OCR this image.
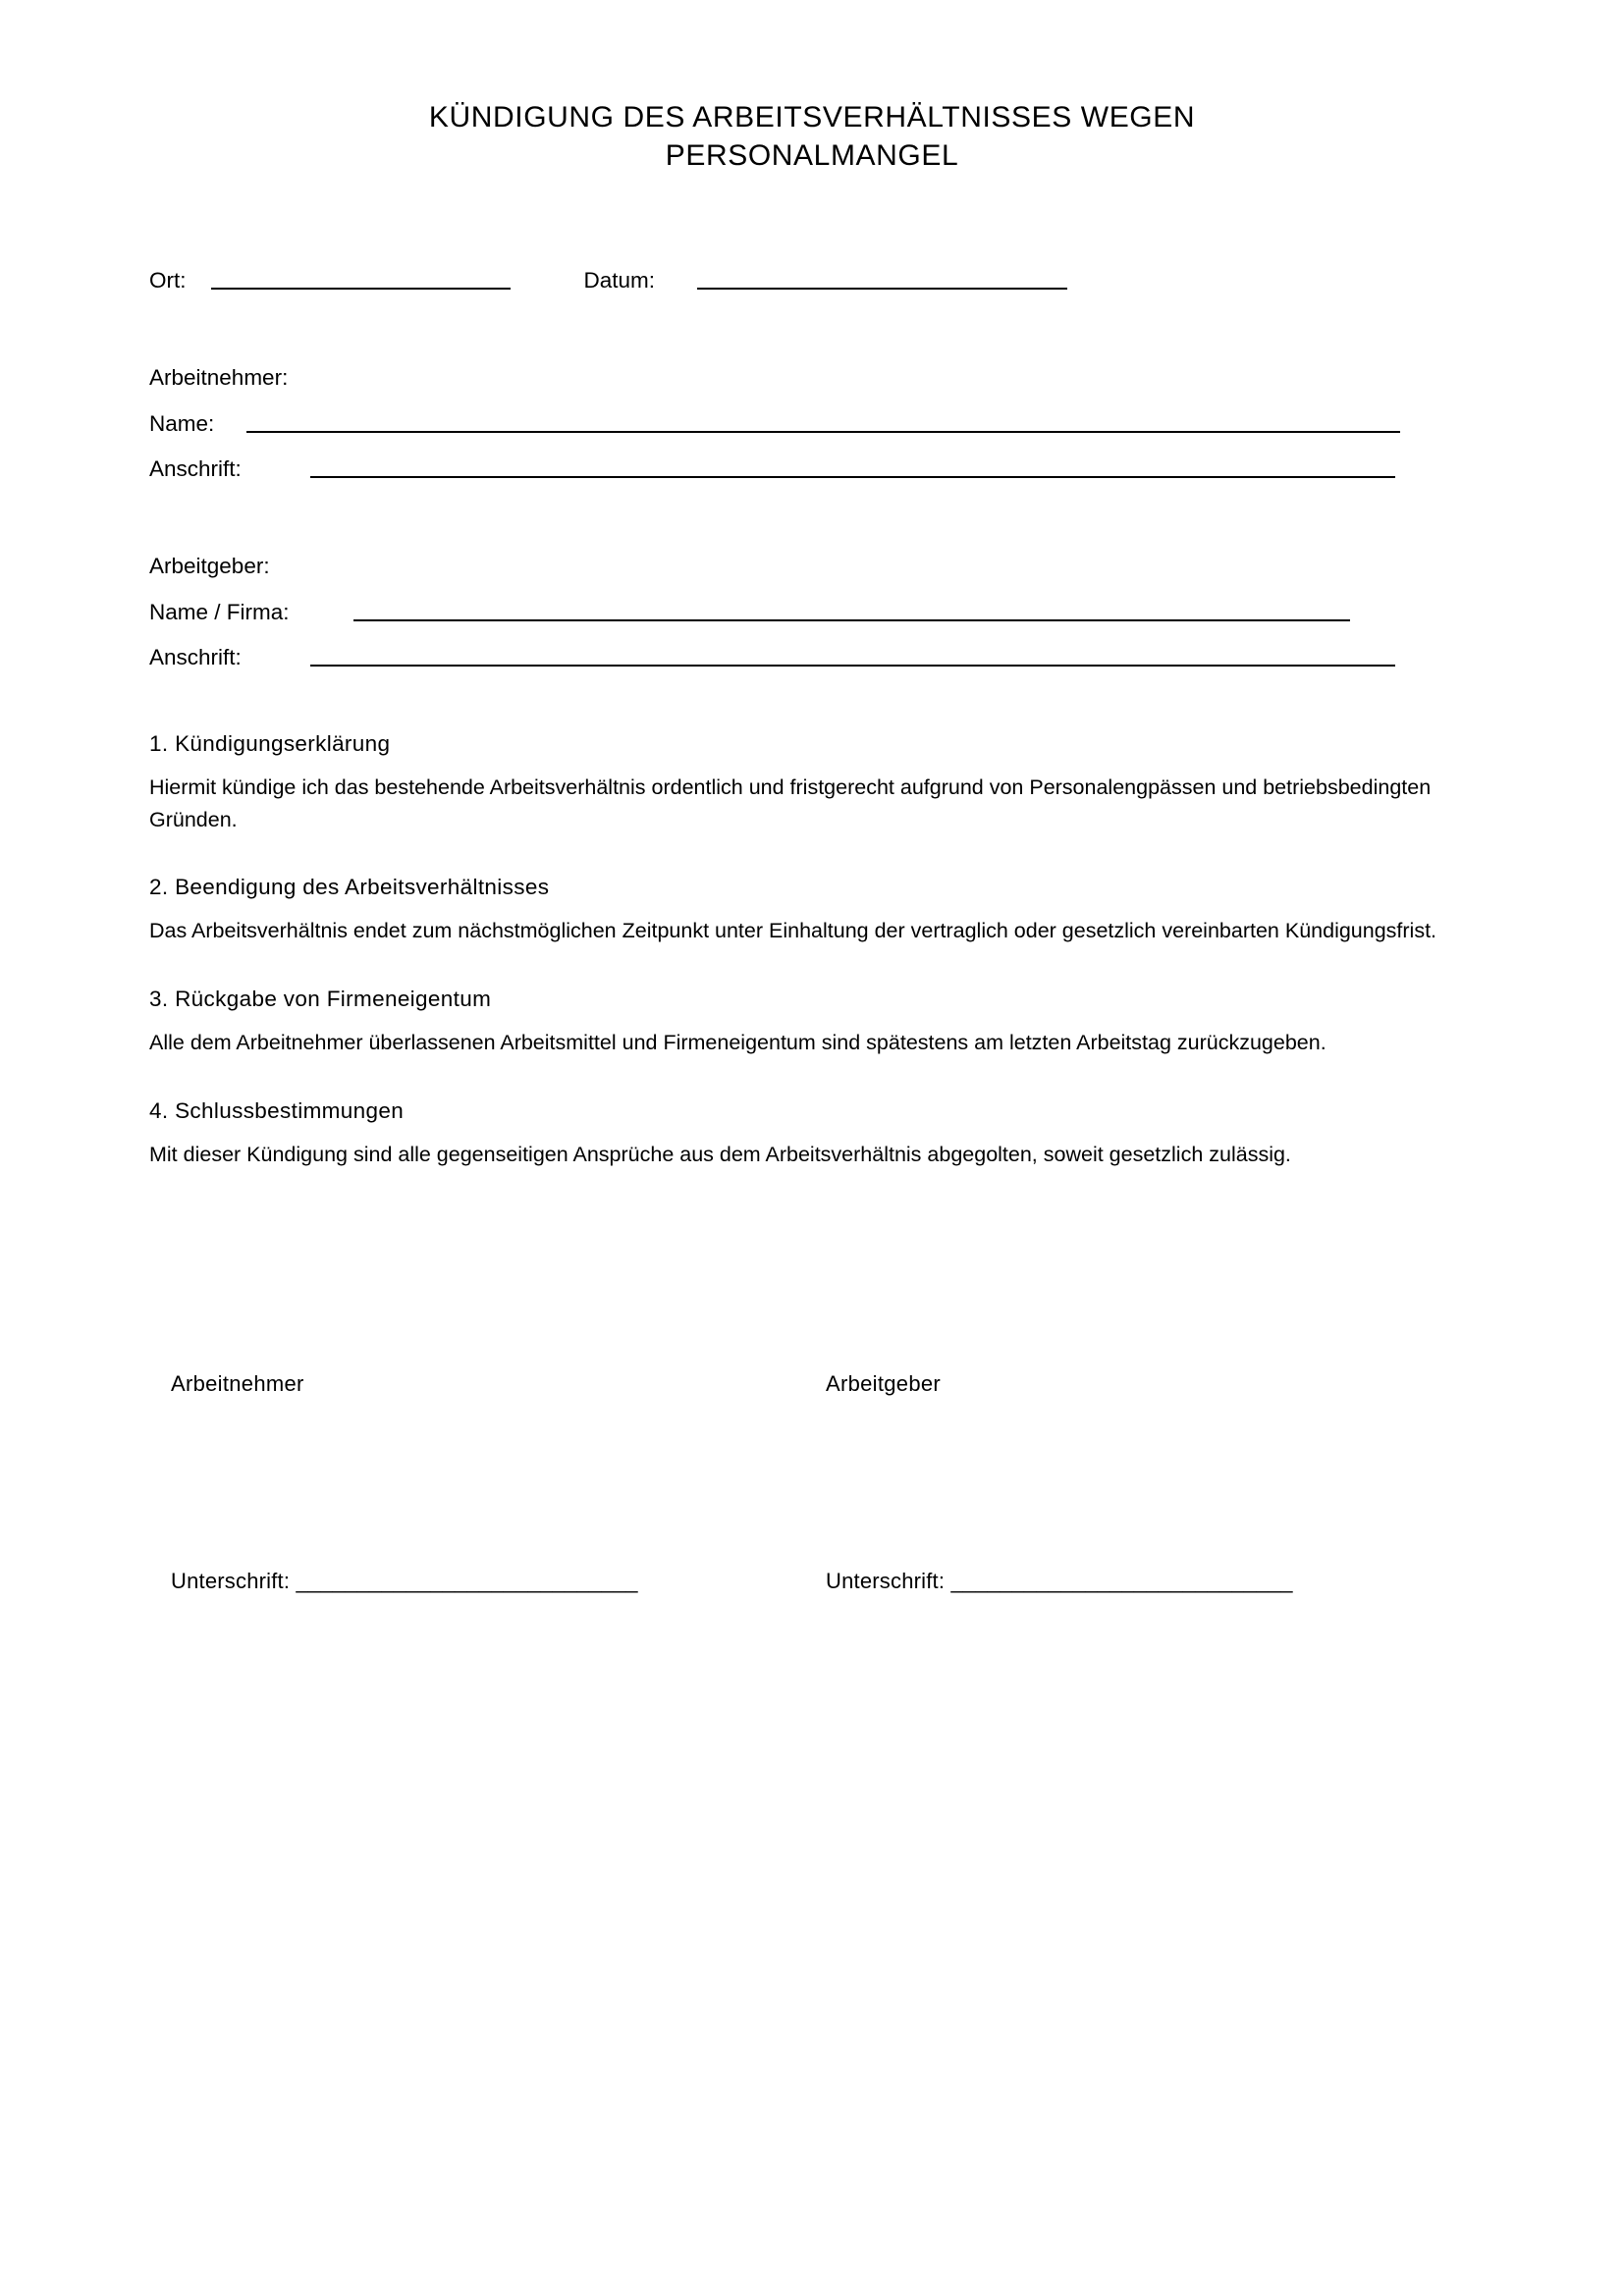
KÜNDIGUNG DES ARBEITSVERHÄLTNISSES WEGEN
PERSONALMANGEL
Ort:	Datum:
Arbeitnehmer:
Name:
Anschrift:
Arbeitgeber:
Name / Firma:
Anschrift:
1. Kündigungserklärung
Hiermit kündige ich das bestehende Arbeitsverhältnis ordentlich und fristgerecht aufgrund von Personalengpässen und betriebsbedingten Gründen.
2. Beendigung des Arbeitsverhältnisses
Das Arbeitsverhältnis endet zum nächstmöglichen Zeitpunkt unter Einhaltung der vertraglich oder gesetzlich vereinbarten Kündigungsfrist.
3. Rückgabe von Firmeneigentum
Alle dem Arbeitnehmer überlassenen Arbeitsmittel und Firmeneigentum sind spätestens am letzten Arbeitstag zurückzugeben.
4. Schlussbestimmungen
Mit dieser Kündigung sind alle gegenseitigen Ansprüche aus dem Arbeitsverhältnis abgegolten, soweit gesetzlich zulässig.
Arbeitnehmer	Arbeitgeber
Unterschrift: ____________________________	Unterschrift: ____________________________
